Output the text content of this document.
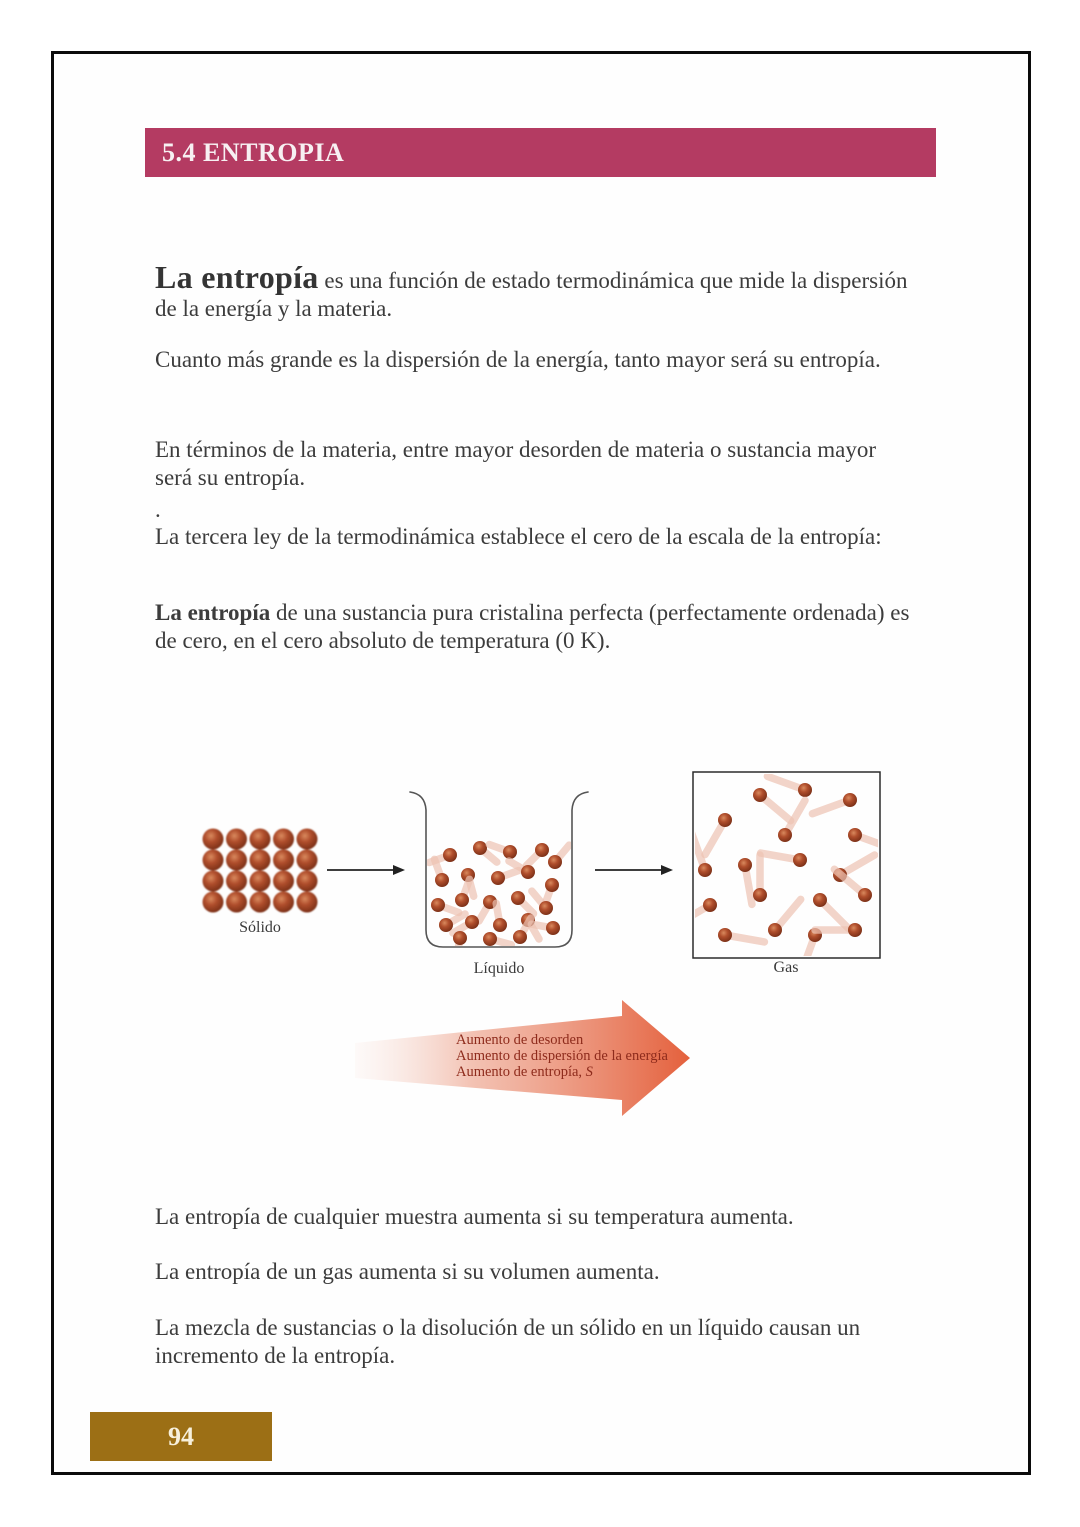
5.4 ENTROPIA

La entropía es una función de estado termodinámica que mide la dispersión de la energía y la materia.

Cuanto más grande es la dispersión de la energía, tanto mayor será su entropía.

En términos de la materia, entre mayor desorden de materia o sustancia mayor será su entropía.

.

La tercera ley de la termodinámica establece el cero de la escala de la entropía:

La entropía de una sustancia pura cristalina perfecta (perfectamente ordenada) es de cero, en el cero absoluto de temperatura (0 K).

Sólido
Líquido	Gas
Aumento de desorden
Aumento de dispersión de la energía
Aumento de entropía, S

La entropía de cualquier muestra aumenta si su temperatura aumenta.

La entropía de un gas aumenta si su volumen aumenta.

La mezcla de sustancias o la disolución de un sólido en un líquido causan un incremento de la entropía.

94
